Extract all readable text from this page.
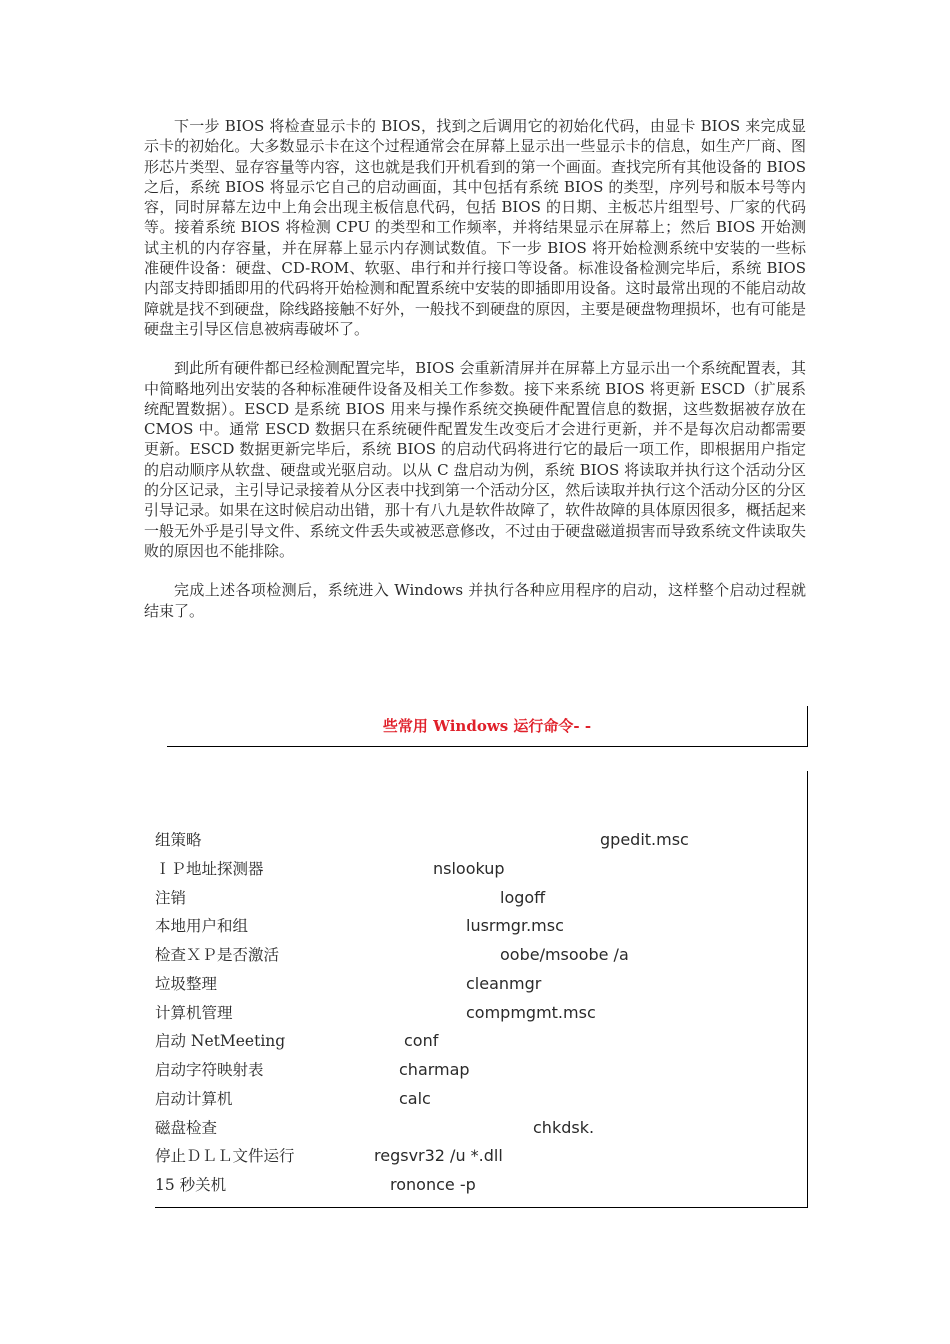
下一步 BIOS 将检查显示卡的 BIOS，找到之后调用它的初始化代码，由显卡 BIOS 来完成显示卡的初始化。大多数显示卡在这个过程通常会在屏幕上显示出一些显示卡的信息，如生产厂商、图形芯片类型、显存容量等内容，这也就是我们开机看到的第一个画面。查找完所有其他设备的 BIOS 之后，系统 BIOS 将显示它自己的启动画面，其中包括有系统 BIOS 的类型，序列号和版本号等内容，同时屏幕左边中上角会出现主板信息代码，包括 BIOS 的日期、主板芯片组型号、厂家的代码等。接着系统 BIOS 将检测 CPU 的类型和工作频率，并将结果显示在屏幕上；然后 BIOS 开始测试主机的内存容量，并在屏幕上显示内存测试数值。下一步 BIOS 将开始检测系统中安装的一些标准硬件设备：硬盘、CD-ROM、软驱、串行和并行接口等设备。标准设备检测完毕后，系统 BIOS 内部支持即插即用的代码将开始检测和配置系统中安装的即插即用设备。这时最常出现的不能启动故障就是找不到硬盘，除线路接触不好外，一般找不到硬盘的原因，主要是硬盘物理损坏，也有可能是硬盘主引导区信息被病毒破坏了。

到此所有硬件都已经检测配置完毕，BIOS 会重新清屏并在屏幕上方显示出一个系统配置表，其中简略地列出安装的各种标准硬件设备及相关工作参数。接下来系统 BIOS 将更新 ESCD（扩展系统配置数据）。ESCD 是系统 BIOS 用来与操作系统交换硬件配置信息的数据，这些数据被存放在 CMOS 中。通常 ESCD 数据只在系统硬件配置发生改变后才会进行更新，并不是每次启动都需要更新。ESCD 数据更新完毕后，系统 BIOS 的启动代码将进行它的最后一项工作，即根据用户指定的启动顺序从软盘、硬盘或光驱启动。以从 C 盘启动为例，系统 BIOS 将读取并执行这个活动分区的分区记录，主引导记录接着从分区表中找到第一个活动分区，然后读取并执行这个活动分区的分区引导记录。如果在这时候启动出错，那十有八九是软件故障了，软件故障的具体原因很多，概括起来一般无外乎是引导文件、系统文件丢失或被恶意修改，不过由于硬盘磁道损害而导致系统文件读取失败的原因也不能排除。

完成上述各项检测后，系统进入 Windows 并执行各种应用程序的启动，这样整个启动过程就结束了。

些常用 Windows 运行命令- -
组策略	gpedit.msc
ＩＰ地址探测器	nslookup
注销	logoff
本地用户和组	lusrmgr.msc
检查ＸＰ是否激活	oobe/msoobe /a
垃圾整理	cleanmgr
计算机管理	compmgmt.msc
启动 NetMeeting	conf
启动字符映射表	charmap
启动计算机	calc
磁盘检查	chkdsk.
停止ＤＬＬ文件运行	regsvr32 /u *.dll
15 秒关机	rononce -p
